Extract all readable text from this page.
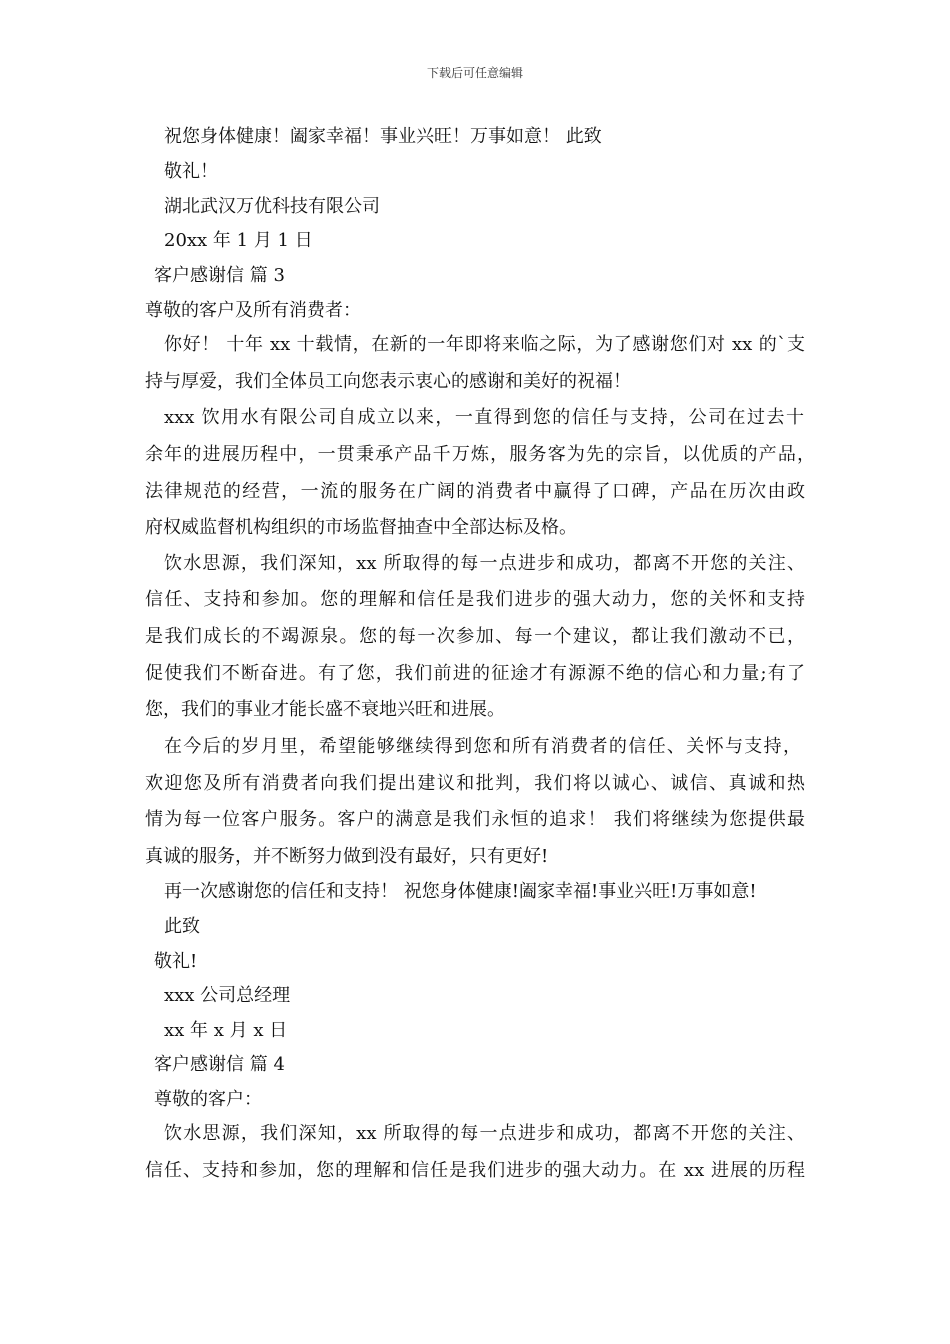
下载后可任意编辑
祝您身体健康！阖家幸福！事业兴旺！万事如意！ 此致
敬礼！
湖北武汉万优科技有限公司
20xx 年 1 月 1 日
客户感谢信 篇 3
尊敬的客户及所有消费者：
你好！ 十年 xx 十载情，在新的一年即将来临之际，为了感谢您们对 xx 的`支
持与厚爱，我们全体员工向您表示衷心的感谢和美好的祝福！
xxx 饮用水有限公司自成立以来，一直得到您的信任与支持，公司在过去十
余年的进展历程中，一贯秉承产品千万炼，服务客为先的宗旨，以优质的产品，
法律规范的经营，一流的服务在广阔的消费者中赢得了口碑，产品在历次由政
府权威监督机构组织的市场监督抽查中全部达标及格。
饮水思源，我们深知，xx 所取得的每一点进步和成功，都离不开您的关注、
信任、支持和参加。您的理解和信任是我们进步的强大动力，您的关怀和支持
是我们成长的不竭源泉。您的每一次参加、每一个建议，都让我们激动不已，
促使我们不断奋进。有了您，我们前进的征途才有源源不绝的信心和力量;有了
您，我们的事业才能长盛不衰地兴旺和进展。
在今后的岁月里，希望能够继续得到您和所有消费者的信任、关怀与支持，
欢迎您及所有消费者向我们提出建议和批判，我们将以诚心、诚信、真诚和热
情为每一位客户服务。客户的满意是我们永恒的追求！ 我们将继续为您提供最
真诚的服务，并不断努力做到没有最好，只有更好!
再一次感谢您的信任和支持！ 祝您身体健康!阖家幸福!事业兴旺!万事如意!
此致
敬礼!
xxx 公司总经理
xx 年 x 月 x 日
客户感谢信 篇 4
尊敬的客户：
饮水思源，我们深知，xx 所取得的每一点进步和成功，都离不开您的关注、
信任、支持和参加，您的理解和信任是我们进步的强大动力。在 xx 进展的历程
